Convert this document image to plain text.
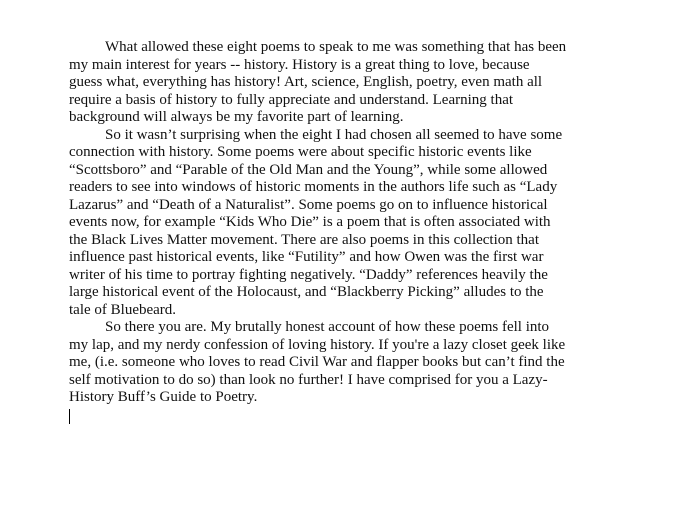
What allowed these eight poems to speak to me was something that has been
my main interest for years -- history. History is a great thing to love, because
guess what, everything has history! Art, science, English, poetry, even math all
require a basis of history to fully appreciate and understand. Learning that
background will always be my favorite part of learning.

So it wasn’t surprising when the eight I had chosen all seemed to have some
connection with history. Some poems were about specific historic events like
“Scottsboro” and “Parable of the Old Man and the Young”, while some allowed
readers to see into windows of historic moments in the authors life such as “Lady
Lazarus” and “Death of a Naturalist”. Some poems go on to influence historical
events now, for example “Kids Who Die” is a poem that is often associated with
the Black Lives Matter movement. There are also poems in this collection that
influence past historical events, like “Futility” and how Owen was the first war
writer of his time to portray fighting negatively. “Daddy” references heavily the
large historical event of the Holocaust, and “Blackberry Picking” alludes to the
tale of Bluebeard.

So there you are. My brutally honest account of how these poems fell into
my lap, and my nerdy confession of loving history. If you're a lazy closet geek like
me, (i.e. someone who loves to read Civil War and flapper books but can’t find the
self motivation to do so) than look no further! I have comprised for you a Lazy-
History Buff’s Guide to Poetry.
